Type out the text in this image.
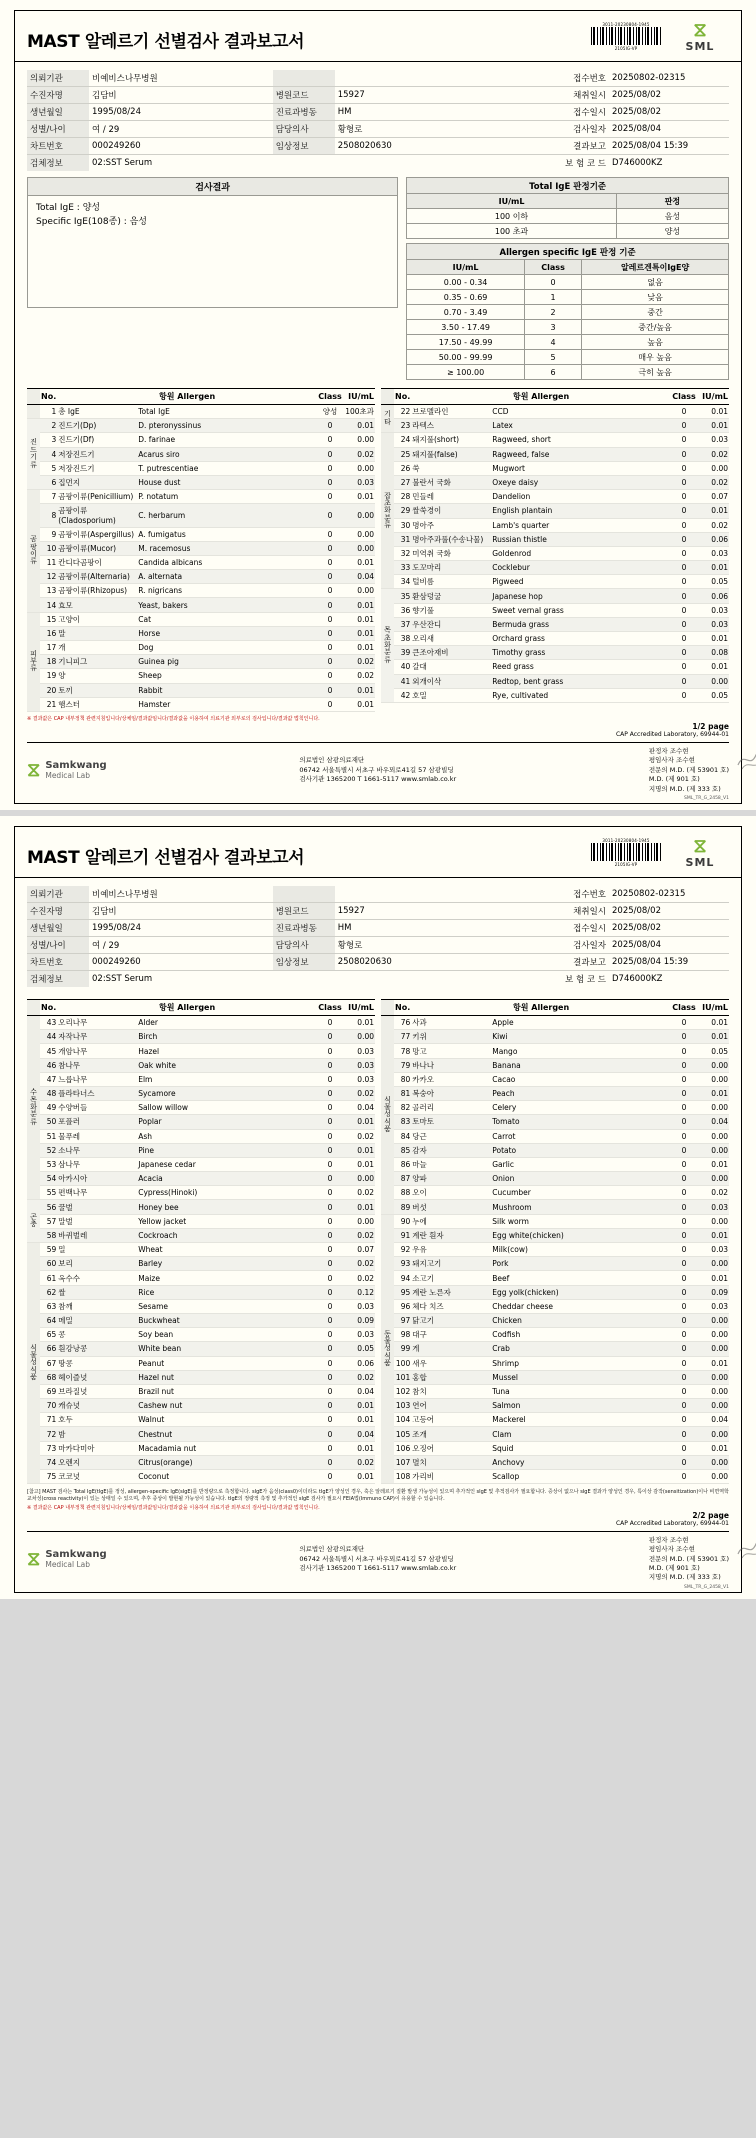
MAST 알레르기 선별검사 결과보고서
3011-20230804-1945
2105IG-VP
⧖
SML
의뢰기관	비예비스나무병원			접수번호	20250802-02315
수진자명	김담비	병원코드	15927	채취일시	2025/08/02
생년월일	1995/08/24	진료과병동	HM	접수일시	2025/08/02
성별/나이	여 / 29	담당의사	황형로	검사일자	2025/08/04
차트번호	000249260	임상정보	2508020630	결과보고	2025/08/04 15:39
검체정보	02:SST Serum			보 험 코 드	D746000KZ
검사결과
Total IgE : 양성
Specific IgE(108종) : 음성
Total IgE 판정기준	
IU/mL	판정
100 이하	음성
100 초과	양성
Allergen specific IgE 판정 기준		
IU/mL	Class	알레르겐특이IgE양
0.00 - 0.34	0	없음
0.35 - 0.69	1	낮음
0.70 - 3.49	2	중간
3.50 - 17.49	3	중간/높음
17.50 - 49.99	4	높음
50.00 - 99.99	5	매우 높음
≥ 100.00	6	극히 높음
	No.	항원 Allergen		Class	IU/mL
	1	총 IgE	Total IgE	양성	100초과
진
드
기
류	2	진드기(Dp)	D. pteronyssinus	0	0.01
	3	진드기(Df)	D. farinae	0	0.00
	4	저장진드기	Acarus siro	0	0.02
	5	저장진드기	T. putrescentiae	0	0.00
	6	집먼지	House dust	0	0.03
곰
팡
이
류	7	곰팡이류(Penicillium)	P. notatum	0	0.01
	8	곰팡이류(Cladosporium)	C. herbarum	0	0.00
	9	곰팡이류(Aspergillus)	A. fumigatus	0	0.00
	10	곰팡이류(Mucor)	M. racemosus	0	0.00
	11	칸디다곰팡이	Candida albicans	0	0.01
	12	곰팡이류(Alternaria)	A. alternata	0	0.04
	13	곰팡이류(Rhizopus)	R. nigricans	0	0.00
	14	효모	Yeast, bakers	0	0.01
피
부
류	15	고양이	Cat	0	0.01
	16	말	Horse	0	0.01
	17	개	Dog	0	0.01
	18	기니피그	Guinea pig	0	0.02
	19	양	Sheep	0	0.02
	20	토끼	Rabbit	0	0.01
	21	햄스터	Hamster	0	0.01
	No.	항원 Allergen		Class	IU/mL
기
타	22	브로멜라인	CCD	0	0.01
	23	라텍스	Latex	0	0.01
잡
초
화
분
류	24	돼지풀(short)	Ragweed, short	0	0.03
	25	돼지풀(false)	Ragweed, false	0	0.02
	26	쑥	Mugwort	0	0.00
	27	불란서 국화	Oxeye daisy	0	0.02
	28	민들레	Dandelion	0	0.07
	29	쌀쑥경이	English plantain	0	0.01
	30	명아주	Lamb's quarter	0	0.02
	31	명아주과풀(수송나물)	Russian thistle	0	0.06
	32	미역취 국화	Goldenrod	0	0.03
	33	도꼬마리	Cocklebur	0	0.01
	34	털비름	Pigweed	0	0.05
목
초
화
분
류	35	환삼덩굴	Japanese hop	0	0.06
	36	향기풀	Sweet vernal grass	0	0.03
	37	우산잔디	Bermuda grass	0	0.03
	38	오리새	Orchard grass	0	0.01
	39	큰조아재비	Timothy grass	0	0.08
	40	갈대	Reed grass	0	0.01
	41	외개이삭	Redtop, bent grass	0	0.00
	42	호밀	Rye, cultivated	0	0.05
※ 결과값은 CAP 내부정책 관련지침입니다/상체임/결과값임니다/결과값을 이용하여 의료기관 외부로의 검사입니다/결과값 법칙인니다.
1/2 page
CAP Accredited Laboratory, 69944-01
⧖ Samkwang
Medical Lab
의료법인 삼광의료재단
06742 서울특별시 서초구 바우뫼로41길 57 삼광빌딩
검사기관 1365200 T 1661-5117 www.smlab.co.kr
판정자 조수현
평임사자 조수현
전문의 M.D. (제 53901 호)
M.D. (제 901 호)
지명의 M.D. (제 333 호)
SML_TR_G_2458_V1
MAST 알레르기 선별검사 결과보고서
3011-20230804-1945
2105IG-VP
⧖
SML
의뢰기관	비예비스나무병원			접수번호	20250802-02315
수진자명	김담비	병원코드	15927	채취일시	2025/08/02
생년월일	1995/08/24	진료과병동	HM	접수일시	2025/08/02
성별/나이	여 / 29	담당의사	황형로	검사일자	2025/08/04
차트번호	000249260	임상정보	2508020630	결과보고	2025/08/04 15:39
검체정보	02:SST Serum			보 험 코 드	D746000KZ
	No.	항원 Allergen		Class	IU/mL
수
목
화
분
류	43	오리나무	Alder	0	0.01
	44	자작나무	Birch	0	0.00
	45	개암나무	Hazel	0	0.03
	46	참나무	Oak white	0	0.03
	47	느릅나무	Elm	0	0.03
	48	플라타너스	Sycamore	0	0.02
	49	수양버들	Sallow willow	0	0.04
	50	포플러	Poplar	0	0.01
	51	물푸레	Ash	0	0.02
	52	소나무	Pine	0	0.01
	53	삼나무	Japanese cedar	0	0.01
	54	아카시아	Acacia	0	0.00
	55	편백나무	Cypress(Hinoki)	0	0.02
곤
충	56	꿀벌	Honey bee	0	0.01
	57	말벌	Yellow jacket	0	0.00
	58	바퀴벌레	Cockroach	0	0.02
식
물
성
식
품	59	밀	Wheat	0	0.07
	60	보리	Barley	0	0.02
	61	옥수수	Maize	0	0.02
	62	쌀	Rice	0	0.12
	63	참깨	Sesame	0	0.03
	64	메밀	Buckwheat	0	0.09
	65	콩	Soy bean	0	0.03
	66	흰강낭콩	White bean	0	0.05
	67	땅콩	Peanut	0	0.06
	68	헤이즐넛	Hazel nut	0	0.02
	69	브라질넛	Brazil nut	0	0.04
	70	캐슈넛	Cashew nut	0	0.01
	71	호두	Walnut	0	0.01
	72	밤	Chestnut	0	0.04
	73	마카다미아	Macadamia nut	0	0.01
	74	오렌지	Citrus(orange)	0	0.02
	75	코코넛	Coconut	0	0.01
	No.	항원 Allergen		Class	IU/mL
식
물
성
식
품	76	사과	Apple	0	0.01
	77	키위	Kiwi	0	0.01
	78	망고	Mango	0	0.05
	79	바나나	Banana	0	0.00
	80	카카오	Cacao	0	0.00
	81	복숭아	Peach	0	0.01
	82	골러리	Celery	0	0.00
	83	토마토	Tomato	0	0.04
	84	당근	Carrot	0	0.00
	85	감자	Potato	0	0.00
	86	마늘	Garlic	0	0.01
	87	양파	Onion	0	0.00
	88	오이	Cucumber	0	0.02
	89	버섯	Mushroom	0	0.03
동
물
성
식
품	90	누에	Silk worm	0	0.00
	91	계란 흰자	Egg white(chicken)	0	0.01
	92	우유	Milk(cow)	0	0.03
	93	돼지고기	Pork	0	0.00
	94	소고기	Beef	0	0.01
	95	계란 노른자	Egg yolk(chicken)	0	0.09
	96	체다 치즈	Cheddar cheese	0	0.03
	97	닭고기	Chicken	0	0.00
	98	대구	Codfish	0	0.00
	99	게	Crab	0	0.00
	100	새우	Shrimp	0	0.01
	101	홍합	Mussel	0	0.00
	102	참치	Tuna	0	0.00
	103	연어	Salmon	0	0.00
	104	고등어	Mackerel	0	0.04
	105	조개	Clam	0	0.00
	106	오징어	Squid	0	0.01
	107	멸치	Anchovy	0	0.00
	108	가리비	Scallop	0	0.00
[참고] MAST 검사는 Total IgE(tIgE)를 정성, allergen-specific IgE(sIgE)를 반정량으로 측정합니다. sIgE가 음성(class0)이더라도 tIgE가 양성인 경우, 혹은 알레르기 질환 발생 가능성이 있으며 추가적인 sIgE 및 추적검사가 필요합니다. 증상이 없으나 sIgE 결과가 양성인 경우, 특이상 감작(sensitization)이나 비면역학 교차성(cross reactivity)이 있는 상태일 수 있으며, 추후 증상이 발현될 가능성이 있습니다. tIgE의 정량적 측정 및 추가적인 sIgE 검사가 필요시 FEIA법(Immuno CAP)이 유용할 수 있습니다.
※ 결과값은 CAP 내부정책 관련지침입니다/상체임/결과값임니다/결과값을 이용하여 의료기관 외부로의 검사입니다/결과값 법칙인니다.
2/2 page
CAP Accredited Laboratory, 69944-01
⧖ Samkwang
Medical Lab
의료법인 삼광의료재단
06742 서울특별시 서초구 바우뫼로41길 57 삼광빌딩
검사기관 1365200 T 1661-5117 www.smlab.co.kr
판정자 조수현
평임사자 조수현
전문의 M.D. (제 53901 호)
M.D. (제 901 호)
지명의 M.D. (제 333 호)
SML_TR_G_2458_V1
